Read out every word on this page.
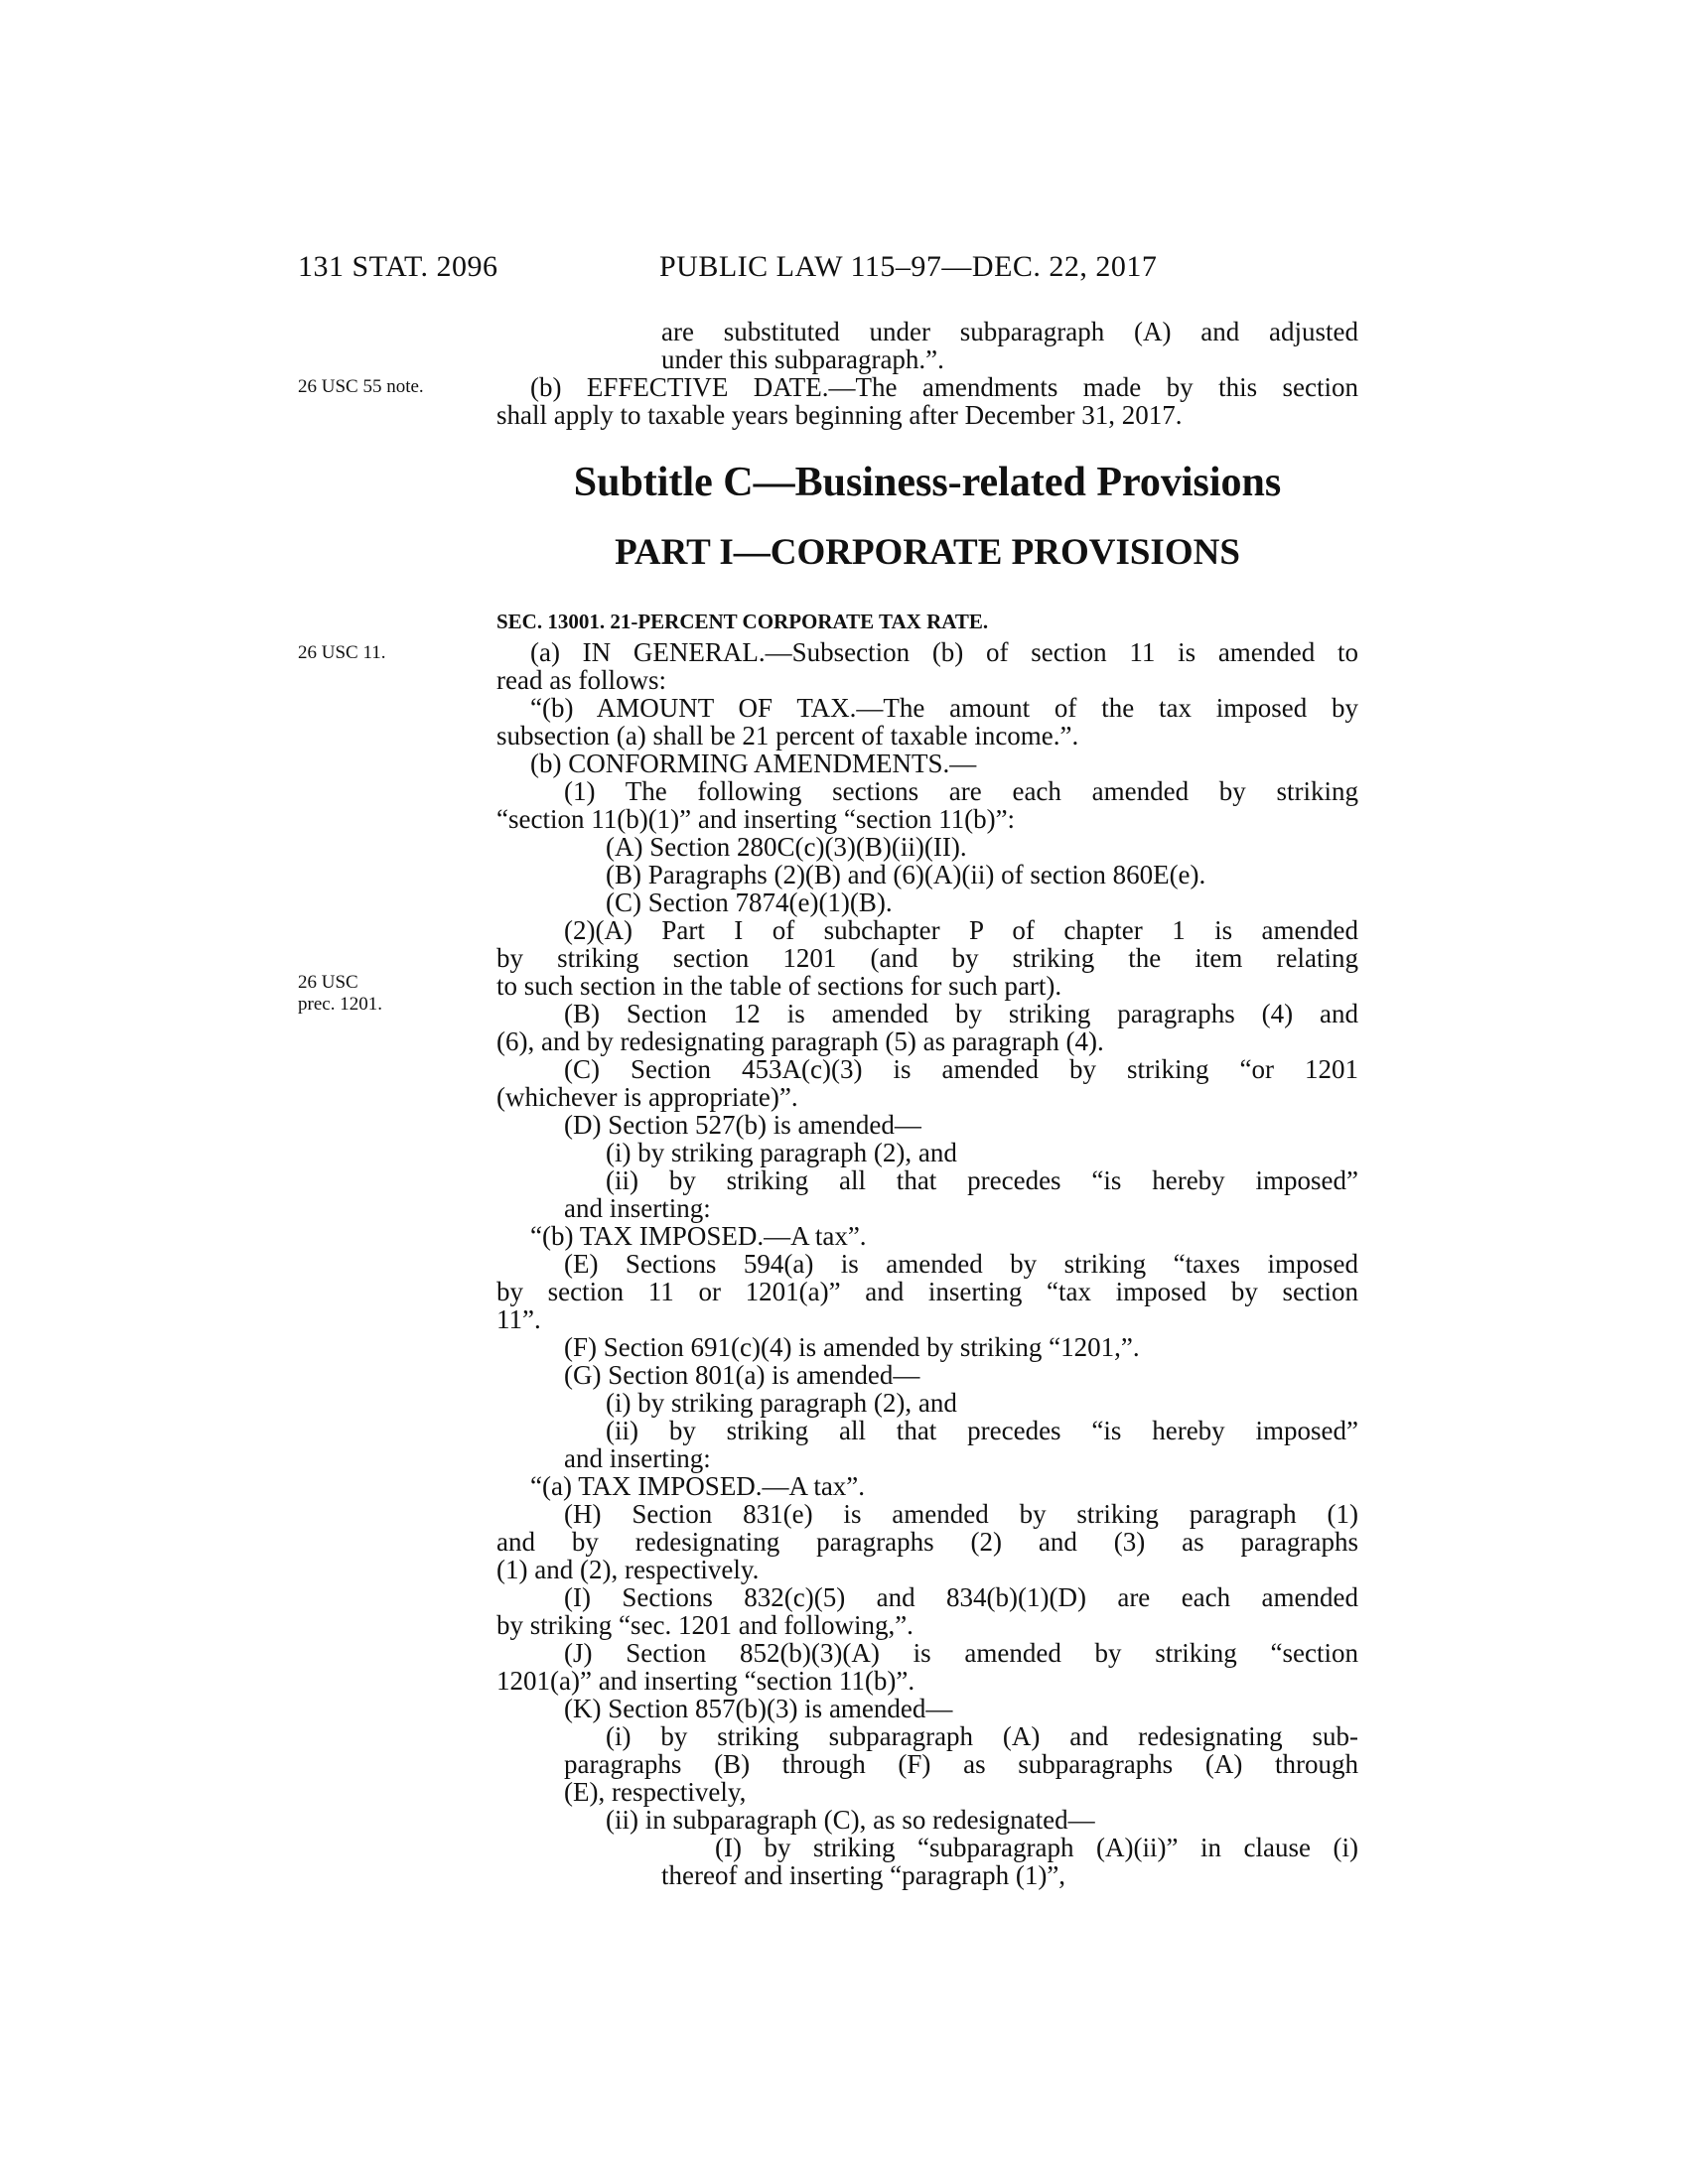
131 STAT. 2096	PUBLIC LAW 115–97—DEC. 22, 2017
26 USC 55 note.
26 USC 11.
26 USC
prec. 1201.
are substituted under subparagraph (A) and adjusted
under this subparagraph.”.
(b) EFFECTIVE DATE.—The amendments made by this section
shall apply to taxable years beginning after December 31, 2017.
Subtitle C—Business-related Provisions
PART I—CORPORATE PROVISIONS
SEC. 13001. 21-PERCENT CORPORATE TAX RATE.
(a) IN GENERAL.—Subsection (b) of section 11 is amended to
read as follows:
“(b) AMOUNT OF TAX.—The amount of the tax imposed by
subsection (a) shall be 21 percent of taxable income.”.
(b) CONFORMING AMENDMENTS.—
(1) The following sections are each amended by striking
“section 11(b)(1)” and inserting “section 11(b)”:
(A) Section 280C(c)(3)(B)(ii)(II).
(B) Paragraphs (2)(B) and (6)(A)(ii) of section 860E(e).
(C) Section 7874(e)(1)(B).
(2)(A) Part I of subchapter P of chapter 1 is amended
by striking section 1201 (and by striking the item relating
to such section in the table of sections for such part).
(B) Section 12 is amended by striking paragraphs (4) and
(6), and by redesignating paragraph (5) as paragraph (4).
(C) Section 453A(c)(3) is amended by striking “or 1201
(whichever is appropriate)”.
(D) Section 527(b) is amended—
(i) by striking paragraph (2), and
(ii) by striking all that precedes “is hereby imposed”
and inserting:
“(b) TAX IMPOSED.—A tax”.
(E) Sections 594(a) is amended by striking “taxes imposed
by section 11 or 1201(a)” and inserting “tax imposed by section
11”.
(F) Section 691(c)(4) is amended by striking “1201,”.
(G) Section 801(a) is amended—
(i) by striking paragraph (2), and
(ii) by striking all that precedes “is hereby imposed”
and inserting:
“(a) TAX IMPOSED.—A tax”.
(H) Section 831(e) is amended by striking paragraph (1)
and by redesignating paragraphs (2) and (3) as paragraphs
(1) and (2), respectively.
(I) Sections 832(c)(5) and 834(b)(1)(D) are each amended
by striking “sec. 1201 and following,”.
(J) Section 852(b)(3)(A) is amended by striking “section
1201(a)” and inserting “section 11(b)”.
(K) Section 857(b)(3) is amended—
(i) by striking subparagraph (A) and redesignating sub-
paragraphs (B) through (F) as subparagraphs (A) through
(E), respectively,
(ii) in subparagraph (C), as so redesignated—
(I) by striking “subparagraph (A)(ii)” in clause (i)
thereof and inserting “paragraph (1)”,
